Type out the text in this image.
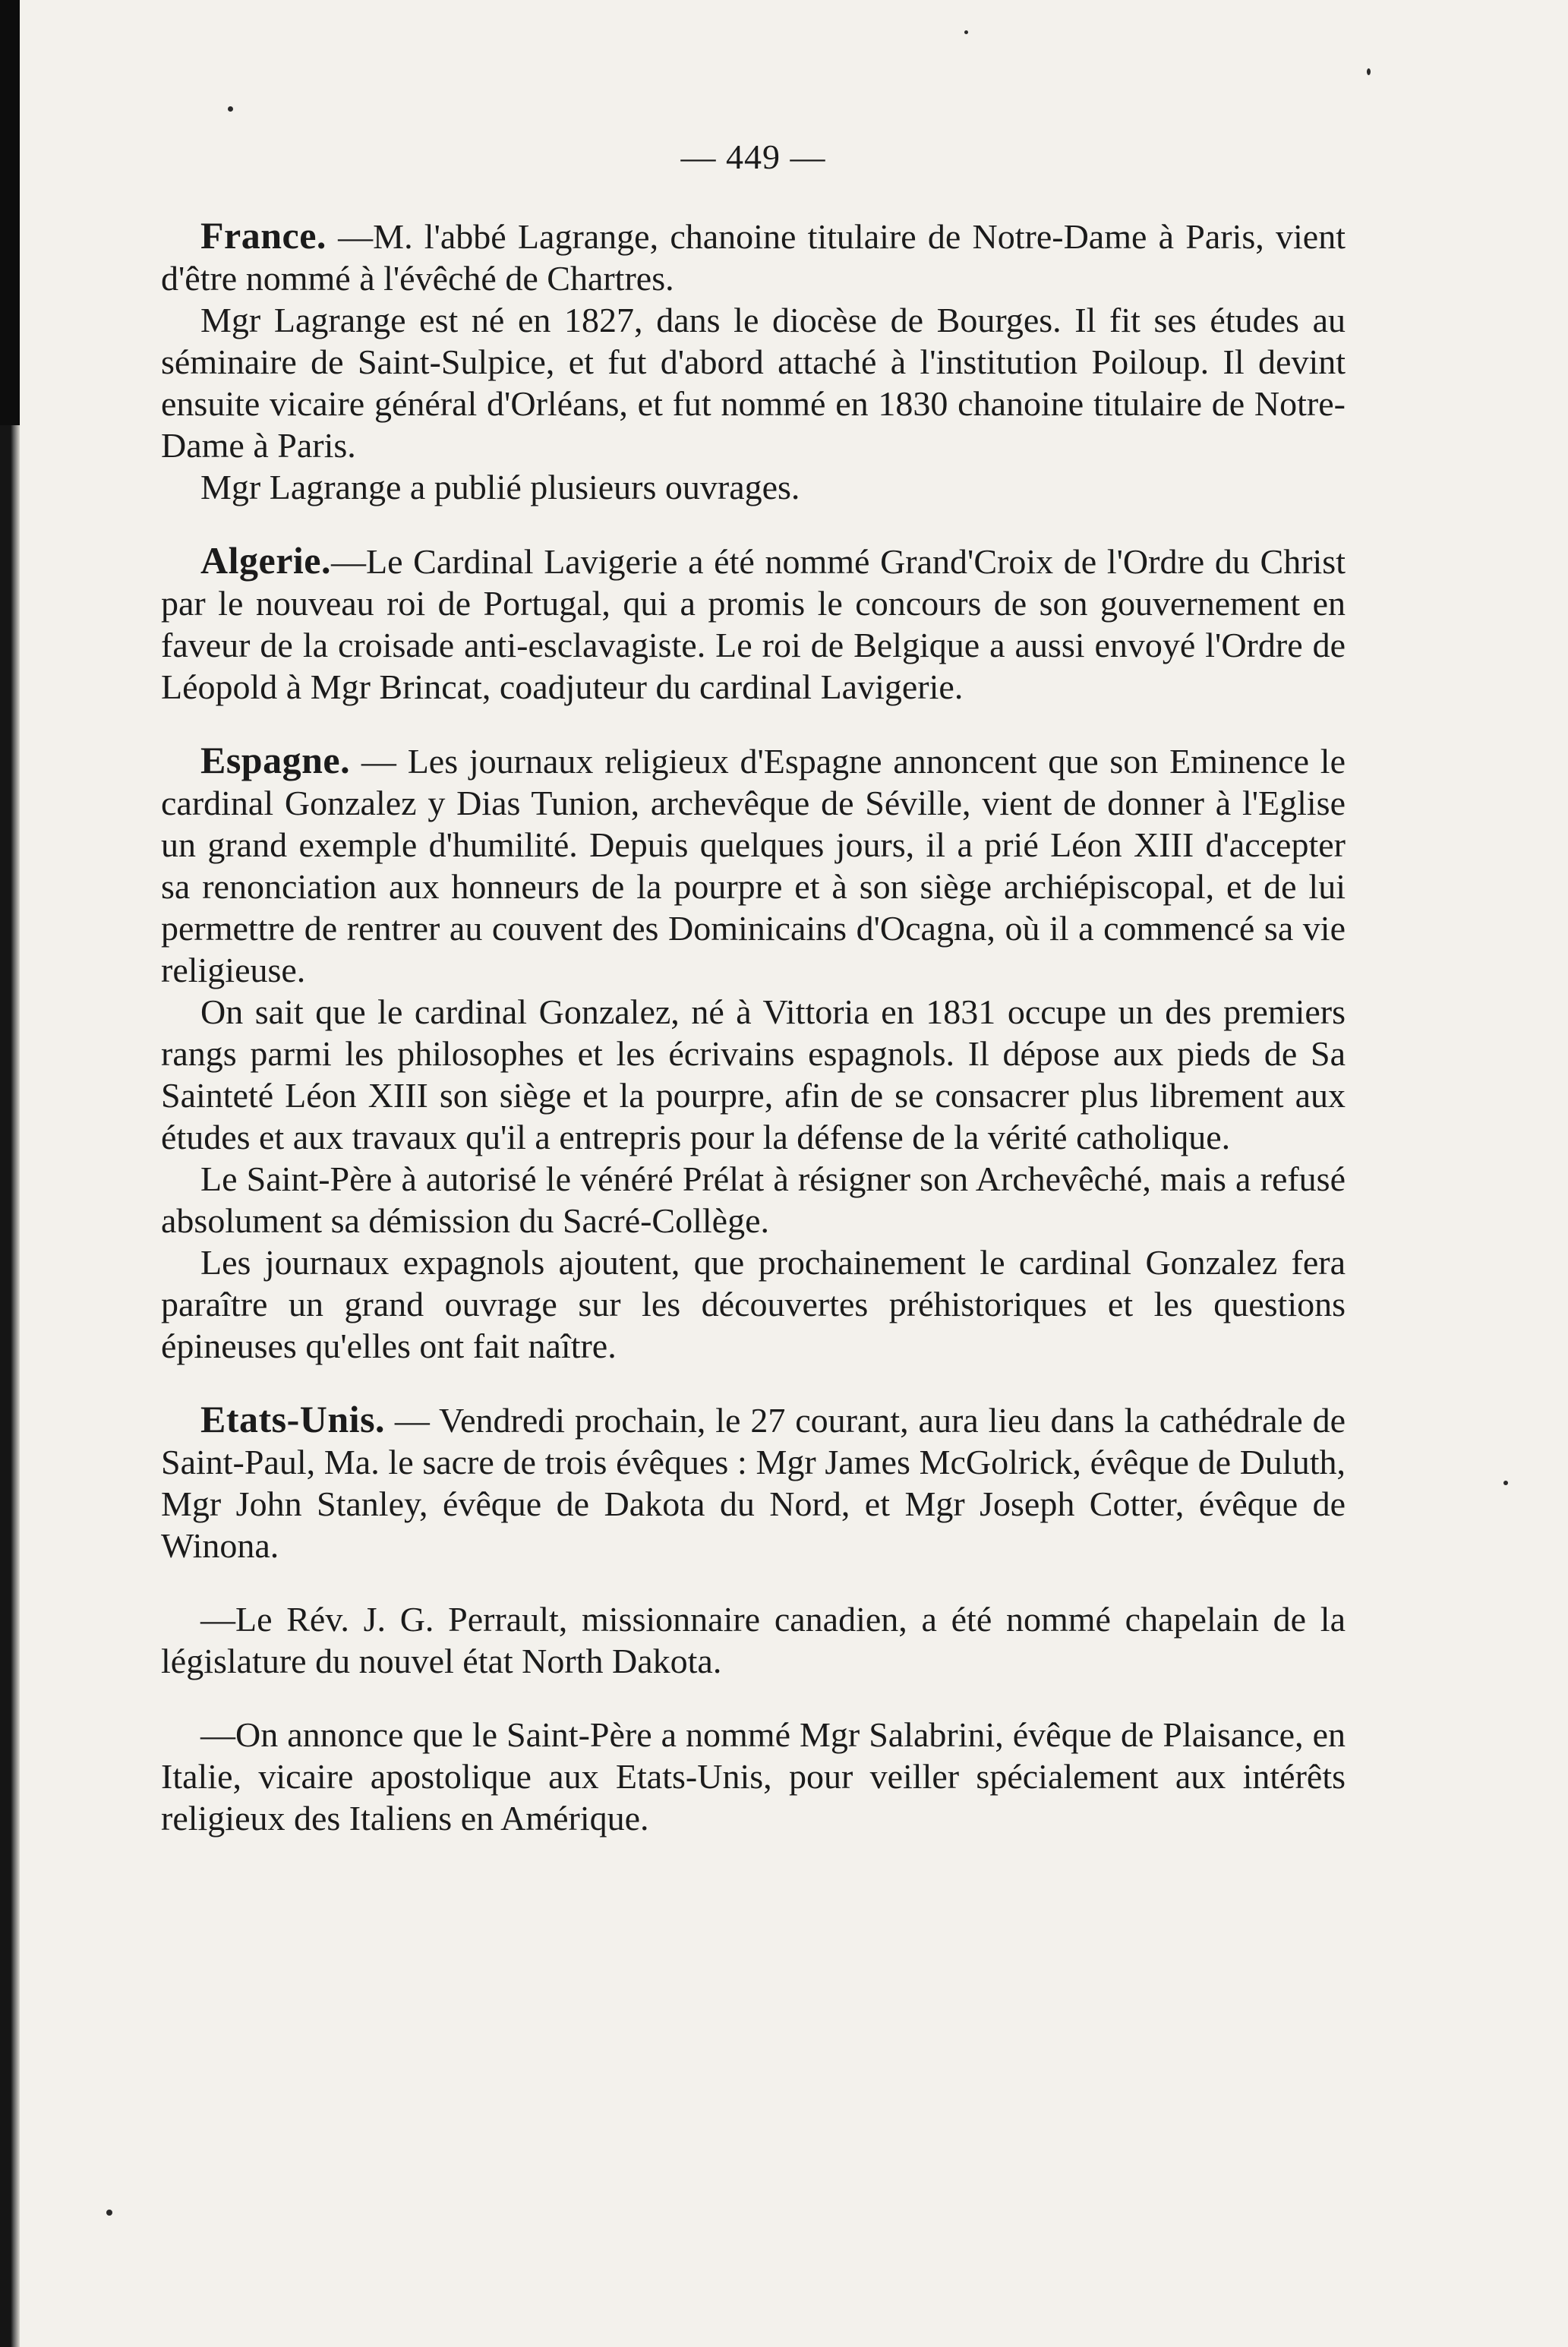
— 449 —

France. —M. l'abbé Lagrange, chanoine titulaire de Notre-Dame à Paris, vient d'être nommé à l'évêché de Chartres.

Mgr Lagrange est né en 1827, dans le diocèse de Bourges. Il fit ses études au séminaire de Saint-Sulpice, et fut d'abord attaché à l'institution Poiloup. Il devint ensuite vicaire général d'Orléans, et fut nommé en 1830 chanoine titulaire de Notre-Dame à Paris.

Mgr Lagrange a publié plusieurs ouvrages.

Algerie.—Le Cardinal Lavigerie a été nommé Grand'Croix de l'Ordre du Christ par le nouveau roi de Portugal, qui a promis le concours de son gouvernement en faveur de la croisade anti-esclavagiste. Le roi de Belgique a aussi envoyé l'Ordre de Léopold à Mgr Brincat, coadjuteur du cardinal Lavigerie.

Espagne. — Les journaux religieux d'Espagne annoncent que son Eminence le cardinal Gonzalez y Dias Tunion, archevêque de Séville, vient de donner à l'Eglise un grand exemple d'humilité. Depuis quelques jours, il a prié Léon XIII d'accepter sa renonciation aux honneurs de la pourpre et à son siège archiépiscopal, et de lui permettre de rentrer au couvent des Dominicains d'Ocagna, où il a commencé sa vie religieuse.

On sait que le cardinal Gonzalez, né à Vittoria en 1831 occupe un des premiers rangs parmi les philosophes et les écrivains espagnols. Il dépose aux pieds de Sa Sainteté Léon XIII son siège et la pourpre, afin de se consacrer plus librement aux études et aux travaux qu'il a entrepris pour la défense de la vérité catholique.

Le Saint-Père à autorisé le vénéré Prélat à résigner son Archevêché, mais a refusé absolument sa démission du Sacré-Collège.

Les journaux expagnols ajoutent, que prochainement le cardinal Gonzalez fera paraître un grand ouvrage sur les découvertes préhistoriques et les questions épineuses qu'elles ont fait naître.

Etats-Unis. — Vendredi prochain, le 27 courant, aura lieu dans la cathédrale de Saint-Paul, Ma. le sacre de trois évêques : Mgr James McGolrick, évêque de Duluth, Mgr John Stanley, évêque de Dakota du Nord, et Mgr Joseph Cotter, évêque de Winona.

—Le Rév. J. G. Perrault, missionnaire canadien, a été nommé chapelain de la législature du nouvel état North Dakota.

—On annonce que le Saint-Père a nommé Mgr Salabrini, évêque de Plaisance, en Italie, vicaire apostolique aux Etats-Unis, pour veiller spécialement aux intérêts religieux des Italiens en Amérique.
